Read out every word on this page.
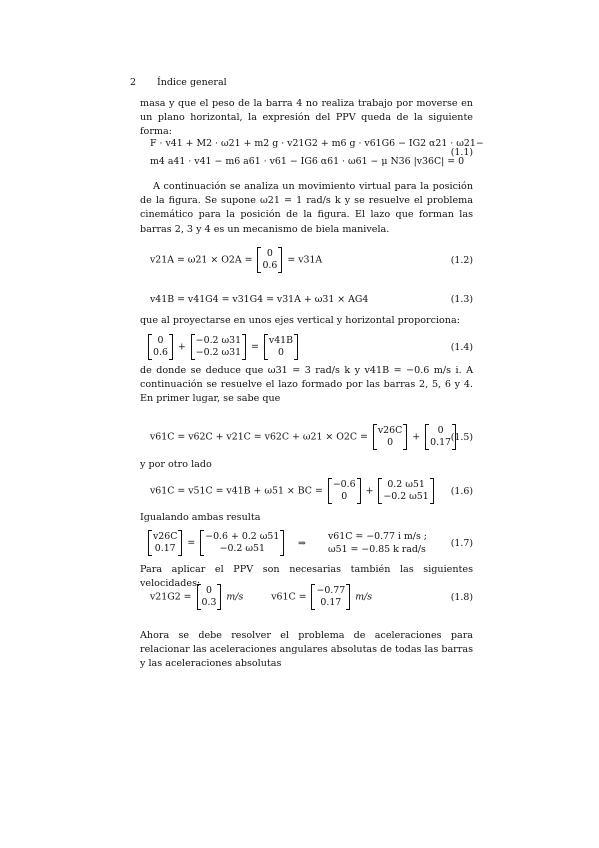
2 Índice general

masa y que el peso de la barra 4 no realiza trabajo por moverse en un plano horizontal, la expresión del PPV queda de la siguiente forma:

F · v41 + M2 · ω21 + m2 g · v21G2 + m6 g · v61G6 − IG2 α21 · ω21−
m4 a41 · v41 − m6 a61 · v61 − IG6 α61 · ω61 − μ N36 |v36C| = 0
(1.1)

A continuación se analiza un movimiento virtual para la posición de la figura. Se supone ω21 = 1 rad/s k y se resuelve el problema cinemático para la posición de la figura. El lazo que forman las barras 2, 3 y 4 es un mecanismo de biela manivela.

v21A = ω21 × O2A =
0
0.6 = v31A	(1.2)
v41B = v41G4 = v31G4 = v31A + ω31 × AG4	(1.3)

que al proyectarse en unos ejes vertical y horizontal proporciona:

0
0.6 +
−0.2 ω31
−0.2 ω31 =
v41B
0	(1.4)

de donde se deduce que ω31 = 3 rad/s k y v41B = −0.6 m/s i. A continuación se resuelve el lazo formado por las barras 2, 5, 6 y 4. En primer lugar, se sabe que

v61C = v62C + v21C = v62C + ω21 × O2C =
v26C
0	+
0
0.17 (1.5)

y por otro lado

v61C = v51C = v41B + ω51 × BC =
−0.6
0	+
0.2 ω51
−0.2 ω51 (1.6)

Igualando ambas resulta

v26C
0.17 =
−0.6 + 0.2 ω51
−0.2 ω51	⇒
v61C = −0.77 i m/s ;
ω51 = −0.85 k rad/s
(1.7)

Para aplicar el PPV son necesarias también las siguientes velocidades:

v21G2 =
0
0.3 m/s	v61C =
−0.77
0.17	m/s	(1.8)

Ahora se debe resolver el problema de aceleraciones para relacionar las aceleraciones angulares absolutas de todas las barras y las aceleraciones absolutas
